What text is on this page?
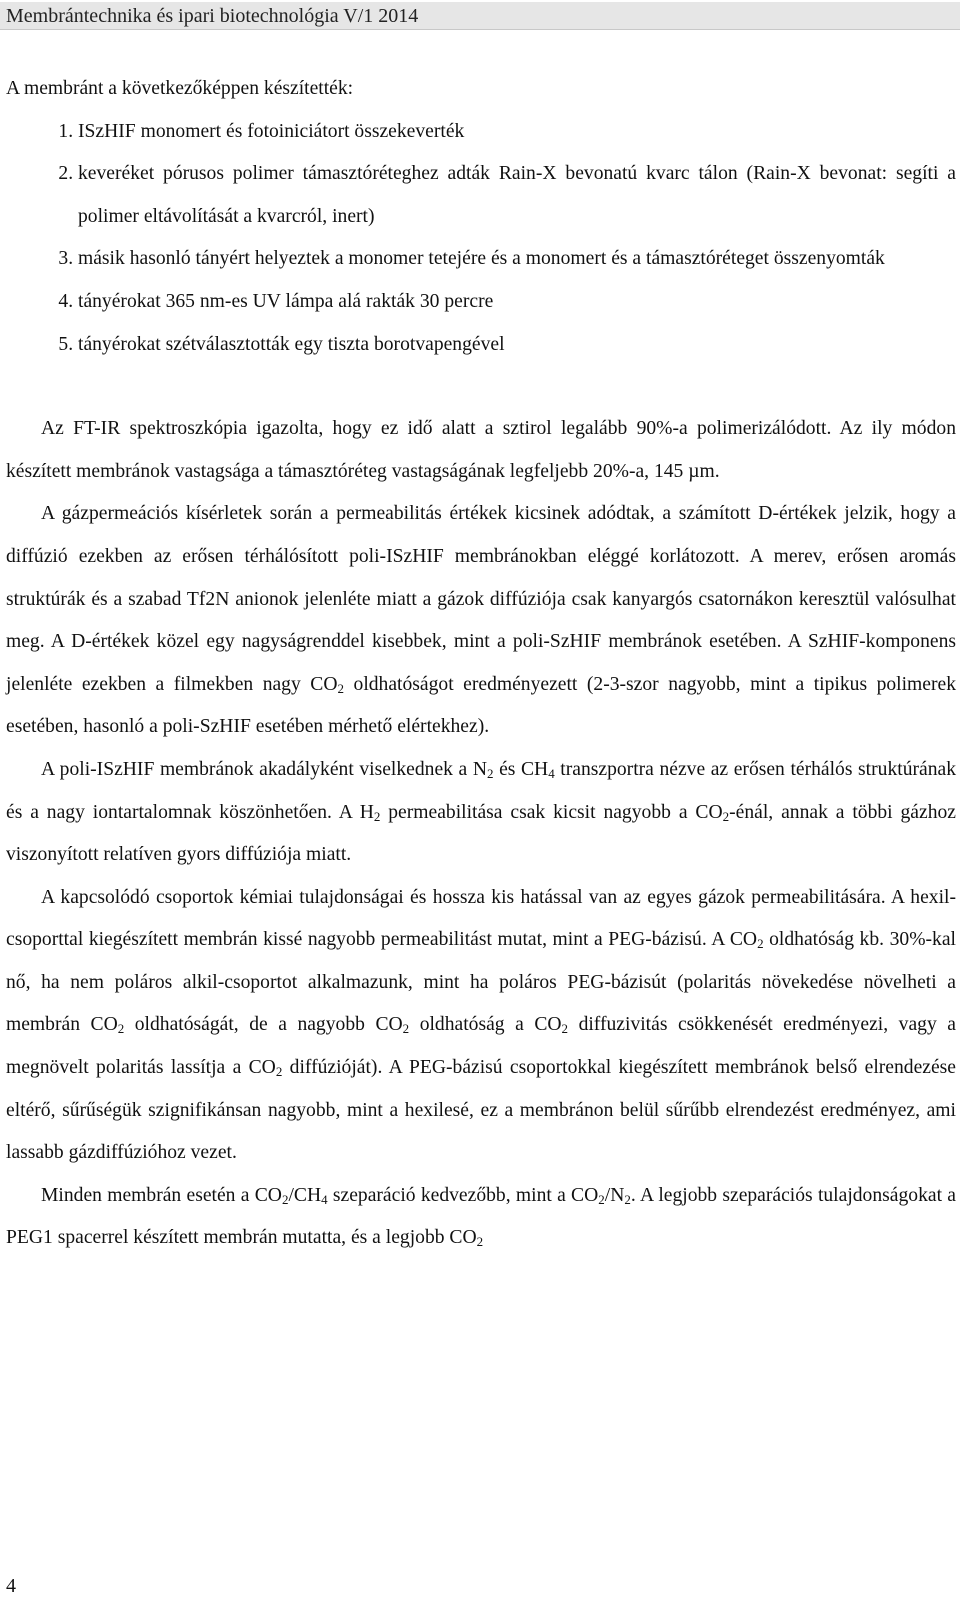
Membrántechnika és ipari biotechnológia V/1 2014

A membránt a következőképpen készítették:

1. ISzHIF monomert és fotoiniciátort összekeverték
2. keveréket pórusos polimer támasztóréteghez adták Rain-X bevonatú kvarc tálon (Rain-X bevonat: segíti a polimer eltávolítását a kvarcról, inert)
3. másik hasonló tányért helyeztek a monomer tetejére és a monomert és a támasztóréteget összenyomták
4. tányérokat 365 nm-es UV lámpa alá rakták 30 percre
5. tányérokat szétválasztották egy tiszta borotvapengével

Az FT-IR spektroszkópia igazolta, hogy ez idő alatt a sztirol legalább 90%-a polimerizálódott. Az ily módon készített membránok vastagsága a támasztóréteg vastagságának legfeljebb 20%-a, 145 µm.

A gázpermeációs kísérletek során a permeabilitás értékek kicsinek adódtak, a számított D-értékek jelzik, hogy a diffúzió ezekben az erősen térhálósított poli-ISzHIF membránokban eléggé korlátozott. A merev, erősen aromás struktúrák és a szabad Tf2N anionok jelenléte miatt a gázok diffúziója csak kanyargós csatornákon keresztül valósulhat meg. A D-értékek közel egy nagyságrenddel kisebbek, mint a poli-SzHIF membránok esetében. A SzHIF-komponens jelenléte ezekben a filmekben nagy $CO_2$ oldhatóságot eredményezett (2-3-szor nagyobb, mint a tipikus polimerek esetében, hasonló a poli-SzHIF esetében mérhető elértekhez).

A poli-ISzHIF membránok akadályként viselkednek a $N_2$ és $CH_4$ transzportra nézve az erősen térhálós struktúrának és a nagy iontartalomnak köszönhetően. A $H_2$ permeabilitása csak kicsit nagyobb a $CO_2$-énál, annak a többi gázhoz viszonyított relatíven gyors diffúziója miatt.

A kapcsolódó csoportok kémiai tulajdonságai és hossza kis hatással van az egyes gázok permeabilitására. A hexil-csoporttal kiegészített membrán kissé nagyobb permeabilitást mutat, mint a PEG-bázisú. A $CO_2$ oldhatóság kb. 30%-kal nő, ha nem poláros alkil-csoportot alkalmazunk, mint ha poláros PEG-bázisút (polaritás növekedése növelheti a membrán $CO_2$ oldhatóságát, de a nagyobb $CO_2$ oldhatóság a $CO_2$ diffuzivitás csökkenését eredményezi, vagy a megnövelt polaritás lassítja a $CO_2$ diffúzióját). A PEG-bázisú csoportokkal kiegészített membránok belső elrendezése eltérő, sűrűségük szignifikánsan nagyobb, mint a hexilesé, ez a membránon belül sűrűbb elrendezést eredményez, ami lassabb gázdiffúzióhoz vezet.

Minden membrán esetén a $CO_2/CH_4$ szeparáció kedvezőbb, mint a $CO_2/N_2$. A legjobb szeparációs tulajdonságokat a PEG1 spacerrel készített membrán mutatta, és a legjobb $CO_2$

4
